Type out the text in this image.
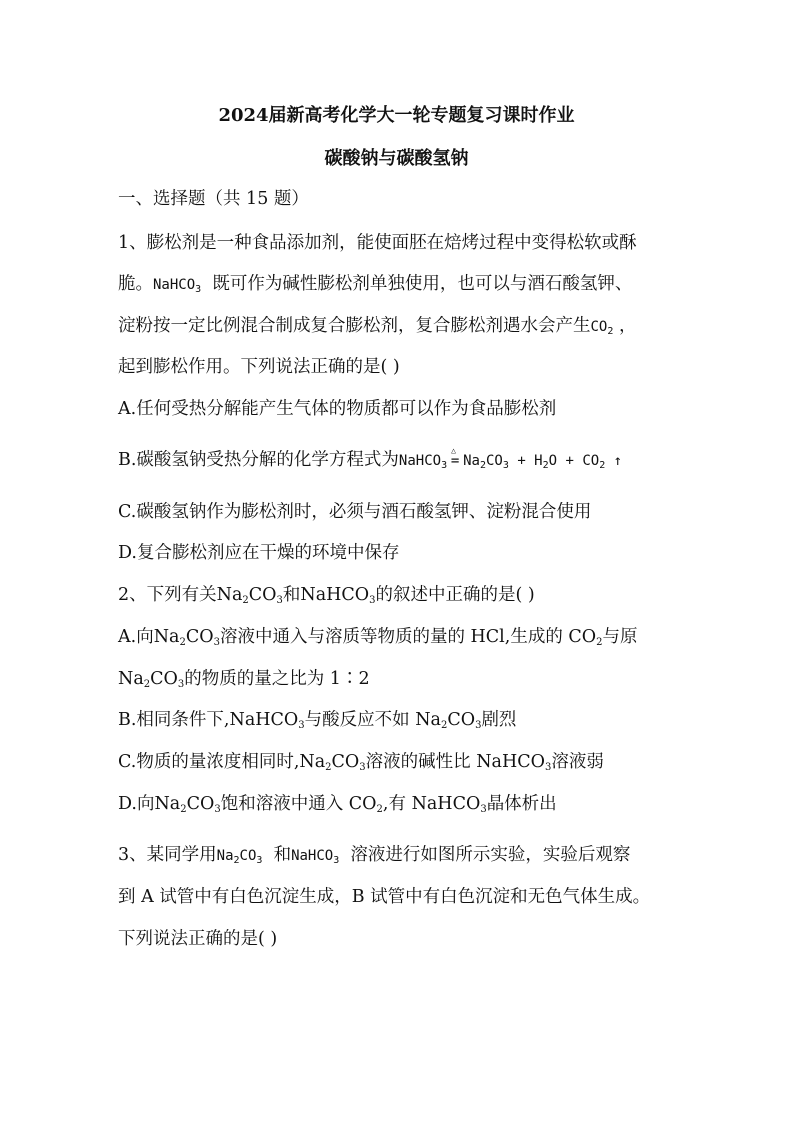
2024届新高考化学大一轮专题复习课时作业
碳酸钠与碳酸氢钠
一、选择题（共 15 题）
1、膨松剂是一种食品添加剂，能使面胚在焙烤过程中变得松软或酥
脆。NaHCO$_3$ 既可作为碱性膨松剂单独使用，也可以与酒石酸氢钾、
淀粉按一定比例混合制成复合膨松剂，复合膨松剂遇水会产生$CO_2$ ，
起到膨松作用。下列说法正确的是( )
A.任何受热分解能产生气体的物质都可以作为食品膨松剂
B.碳酸氢钠受热分解的化学方程式为NaHCO$_3$
△
= $Na_2CO_3 + H_2O + CO_2$ ↑
C.碳酸氢钠作为膨松剂时，必须与酒石酸氢钾、淀粉混合使用
D.复合膨松剂应在干燥的环境中保存
2、下列有关$Na_2CO_3$和NaHCO$_3$的叙述中正确的是( )
A.向$Na_2CO_3$溶液中通入与溶质等物质的量的 HCl,生成的 $CO_2$与原
$Na_2CO_3$的物质的量之比为 1∶2
B.相同条件下,NaHCO$_3$与酸反应不如 $Na_2CO_3$剧烈
C.物质的量浓度相同时$,Na_2CO_3$溶液的碱性比 NaHCO$_3$溶液弱
D.向$Na_2CO_3$饱和溶液中通入 $CO_2$,有 NaHCO$_3$晶体析出
3、某同学用$Na_2CO_3$ 和NaHCO$_3$ 溶液进行如图所示实验，实验后观察
到 A 试管中有白色沉淀生成，B 试管中有白色沉淀和无色气体生成。
下列说法正确的是( )
